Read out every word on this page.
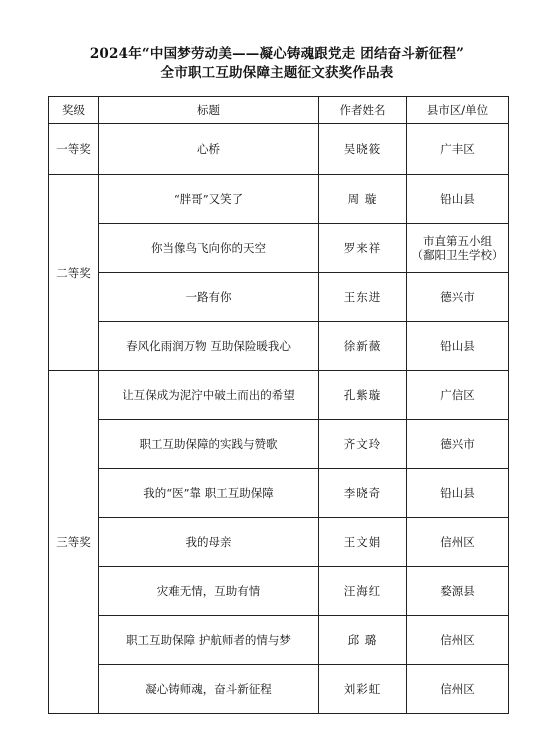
2024年“中国梦劳动美——凝心铸魂跟党走 团结奋斗新征程”
全市职工互助保障主题征文获奖作品表
奖级	标题	作者姓名	县市区/单位
一等奖	心桥	吴晓筱	广丰区
二等奖	“胖哥”又笑了	周 璇	铅山县
	你当像鸟飞向你的天空	罗来祥	市直第五小组
（鄱阳卫生学校）

	一路有你	王东进	德兴市
	春风化雨润万物 互助保险暖我心	徐新薇	铅山县
三等奖	让互保成为泥泞中破土而出的希望	孔紫璇	广信区
	职工互助保障的实践与赞歌	齐文玲	德兴市
	我的“医”靠 职工互助保障	李晓奇	铅山县
	我的母亲	王文娟	信州区
	灾难无情，互助有情	汪海红	婺源县
	职工互助保障 护航师者的情与梦	邱 璐	信州区
	凝心铸师魂，奋斗新征程	刘彩虹	信州区
